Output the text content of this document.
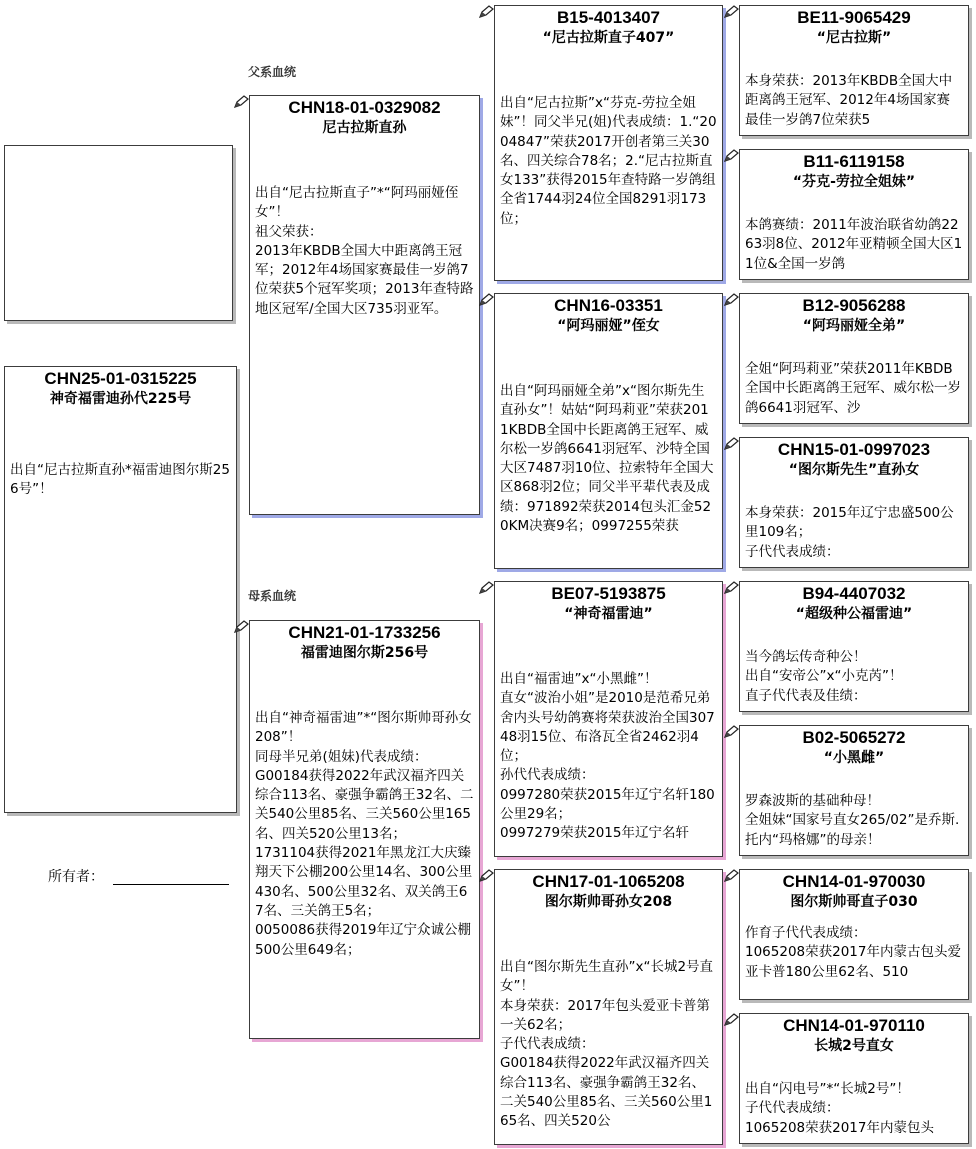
父系血统
母系血统
CHN25-01-0315225
神奇福雷迪孙代225号
出自“尼古拉斯直孙*福雷迪图尔斯256号”！
所有者：
CHN18-01-0329082
尼古拉斯直孙
出自“尼古拉斯直子”*“阿玛丽娅侄女”！
祖父荣获：
2013年KBDB全国大中距离鸽王冠军；2012年4场国家赛最佳一岁鸽7位荣获5个冠军奖项；2013年查特路地区冠军/全国大区735羽亚军。
CHN21-01-1733256
福雷迪图尔斯256号
出自“神奇福雷迪”*“图尔斯帅哥孙女208”！
同母半兄弟(姐妹)代表成绩：
G00184获得2022年武汉福齐四关综合113名、豪强争霸鸽王32名、二关540公里85名、三关560公里165名、四关520公里13名；
1731104获得2021年黑龙江大庆臻翔天下公棚200公里14名、300公里430名、500公里32名、双关鸽王67名、三关鸽王5名；
0050086获得2019年辽宁众诚公棚500公里649名；
B15-4013407
“尼古拉斯直子407”
出自“尼古拉斯”x“芬克-劳拉全姐妹”！同父半兄(姐)代表成绩：1.“2004847”荣获2017开创者第三关30名、四关综合78名；2.“尼古拉斯直女133”获得2015年查特路一岁鸽组全省1744羽24位全国8291羽173位；
CHN16-03351
“阿玛丽娅”侄女
出自“阿玛丽娅全弟”x“图尔斯先生直孙女”！姑姑“阿玛莉亚”荣获2011KBDB全国中长距离鸽王冠军、威尔松一岁鸽6641羽冠军、沙特全国大区7487羽10位、拉索特年全国大区868羽2位；同父半平辈代表及成绩：971892荣获2014包头汇金520KM决赛9名；0997255荣获
BE07-5193875
“神奇福雷迪”
出自“福雷迪”x“小黑雌”！
直女“波治小姐”是2010是范希兄弟舍内头号幼鸽赛将荣获波治全国30748羽15位、布洛瓦全省2462羽4位；
孙代代表成绩：
0997280荣获2015年辽宁名轩180公里29名；
0997279荣获2015年辽宁名轩
CHN17-01-1065208
图尔斯帅哥孙女208
出自“图尔斯先生直孙”x“长城2号直女”！
本身荣获：2017年包头爱亚卡普第一关62名；
子代代表成绩：
G00184获得2022年武汉福齐四关综合113名、豪强争霸鸽王32名、二关540公里85名、三关560公里165名、四关520公
BE11-9065429
“尼古拉斯”
本身荣获：2013年KBDB全国大中距离鸽王冠军、2012年4场国家赛最佳一岁鸽7位荣获5
B11-6119158
“芬克-劳拉全姐妹”
本鸽赛绩：2011年波治联省幼鸽2263羽8位、2012年亚精顿全国大区11位&全国一岁鸽
B12-9056288
“阿玛丽娅全弟”
全姐“阿玛莉亚”荣获2011年KBDB全国中长距离鸽王冠军、威尔松一岁鸽6641羽冠军、沙
CHN15-01-0997023
“图尔斯先生”直孙女
本身荣获：2015年辽宁忠盛500公里109名；
子代代表成绩：
B94-4407032
“超级种公福雷迪”
当今鸽坛传奇种公！
出自“安帝公”x“小克芮”！
直子代代表及佳绩：
B02-5065272
“小黑雌”
罗森波斯的基础种母！
全姐妹“国家号直女265/02”是乔斯.托内“玛格娜”的母亲！
CHN14-01-970030
图尔斯帅哥直子030
作育子代代表成绩：
1065208荣获2017年内蒙古包头爱亚卡普180公里62名、510
CHN14-01-970110
长城2号直女
出自“闪电号”*“长城2号”！
子代代表成绩：
1065208荣获2017年内蒙包头
